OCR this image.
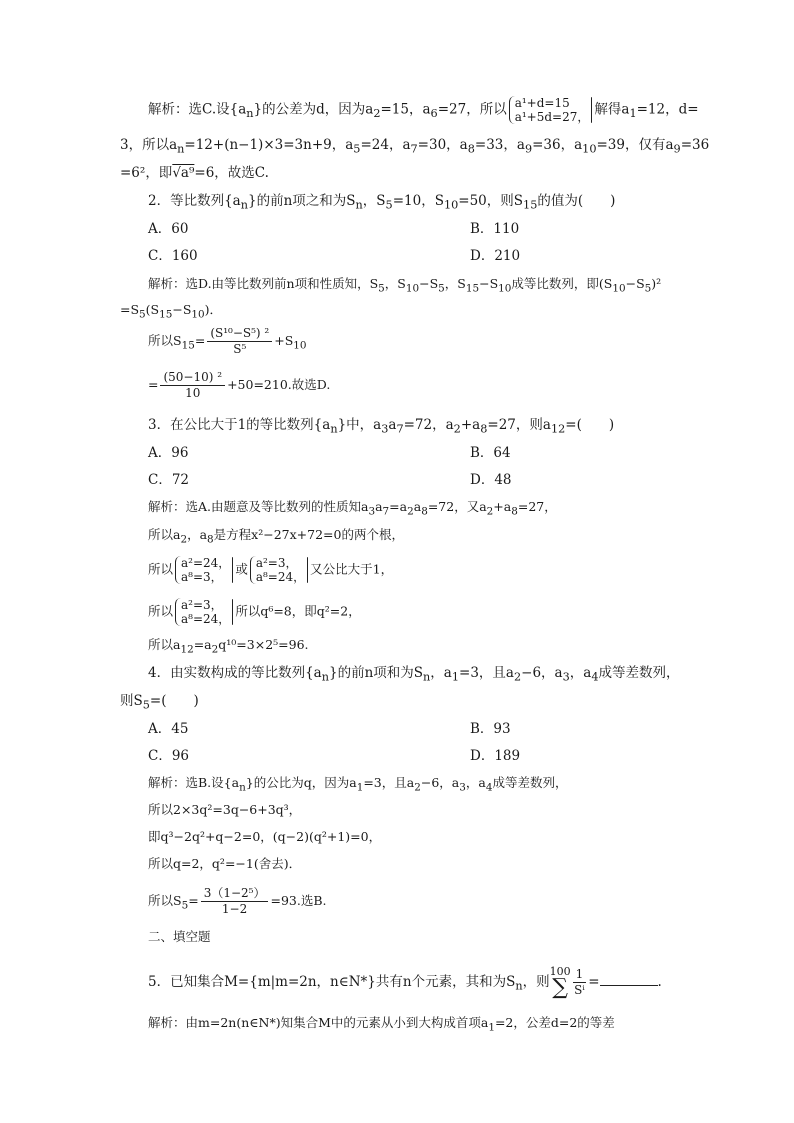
解析：选C.设$\{a_n\}$的公差为d，因为$a_2=15$，$a_6=27$，所以 a¹+d=15
a¹+5d=27， 解得$a_1=12$，d=
3，所以$a_n=12+(n-1)\times 3=3n+9$，$a_5=24$，$a_7=30$，$a_8=33$，$a_9=36$，$a_{10}=39$，仅有$a_9=36$
=6²，即√a⁹=6，故选C.
2．等比数列$\{a_n\}$的前n项之和为$S_n$，$S_5=10$，$S_{10}=50$，则$S_{15}$的值为(　　)
A．60	B．110
C．160	D．210
解析：选D.由等比数列前n项和性质知，$S_5$，$S_{10}-S_5$，$S_{15}-S_{10}$成等比数列，即$(S_{10}-S_5)^2$
$=S_5(S_{15}-S_{10})$．
所以$S_{15}= \frac{\text{(S¹⁰−S⁵) ²}}{\text{S⁵}} +S_{10}$
= $\frac{\text{(50−10) ²}}{10} +50=210$.故选D.
3．在公比大于1的等比数列$\{a_n\}$中，$a_3a_7=72$，$a_2+a_8=27$，则$a_{12}=$(　　)
A．96	B．64
C．72	D．48
解析：选A.由题意及等比数列的性质知$a_3a_7=a_2a_8=72$，又$a_2+a_8=27$，
所以$a_2$，$a_8$是方程x²−27x+72=0的两个根，
所以 a²=24，
a⁸=3，或 a²=3，
a⁸=24，又公比大于1，
所以 a²=3，
a⁸=24，所以q⁶=8，即q²=2，
所以$a_{12}=a_2q^{10}=3\times 2^5=96$.
4．由实数构成的等比数列$\{a_n\}$的前n项和为$S_n$，$a_1=3$，且$a_2-6$，$a_3$，$a_4$成等差数列，
则$S_5=$(　　)
A．45	B．93
C．96	D．189
解析：选B.设$\{a_n\}$的公比为q，因为$a_1=3$，且$a_2-6$，$a_3$，$a_4$成等差数列，
所以2×3q²=3q−6+3q³，
即q³−2q²+q−2=0，(q−2)(q²+1)=0，
所以q=2，q²=−1(舍去)．
所以$S_5= \frac{\text{3（1−2⁵）}}{1-2} =93$.选B.
二、填空题
5．已知集合M={m|m=2n，n∈N*}共有n个元素，其和为$S_n$，则100
∑ $\frac{1}{\text{Sⁱ}}$ =	.
解析：由m=2n(n∈N*)知集合M中的元素从小到大构成首项$a_1=2$，公差d=2的等差
